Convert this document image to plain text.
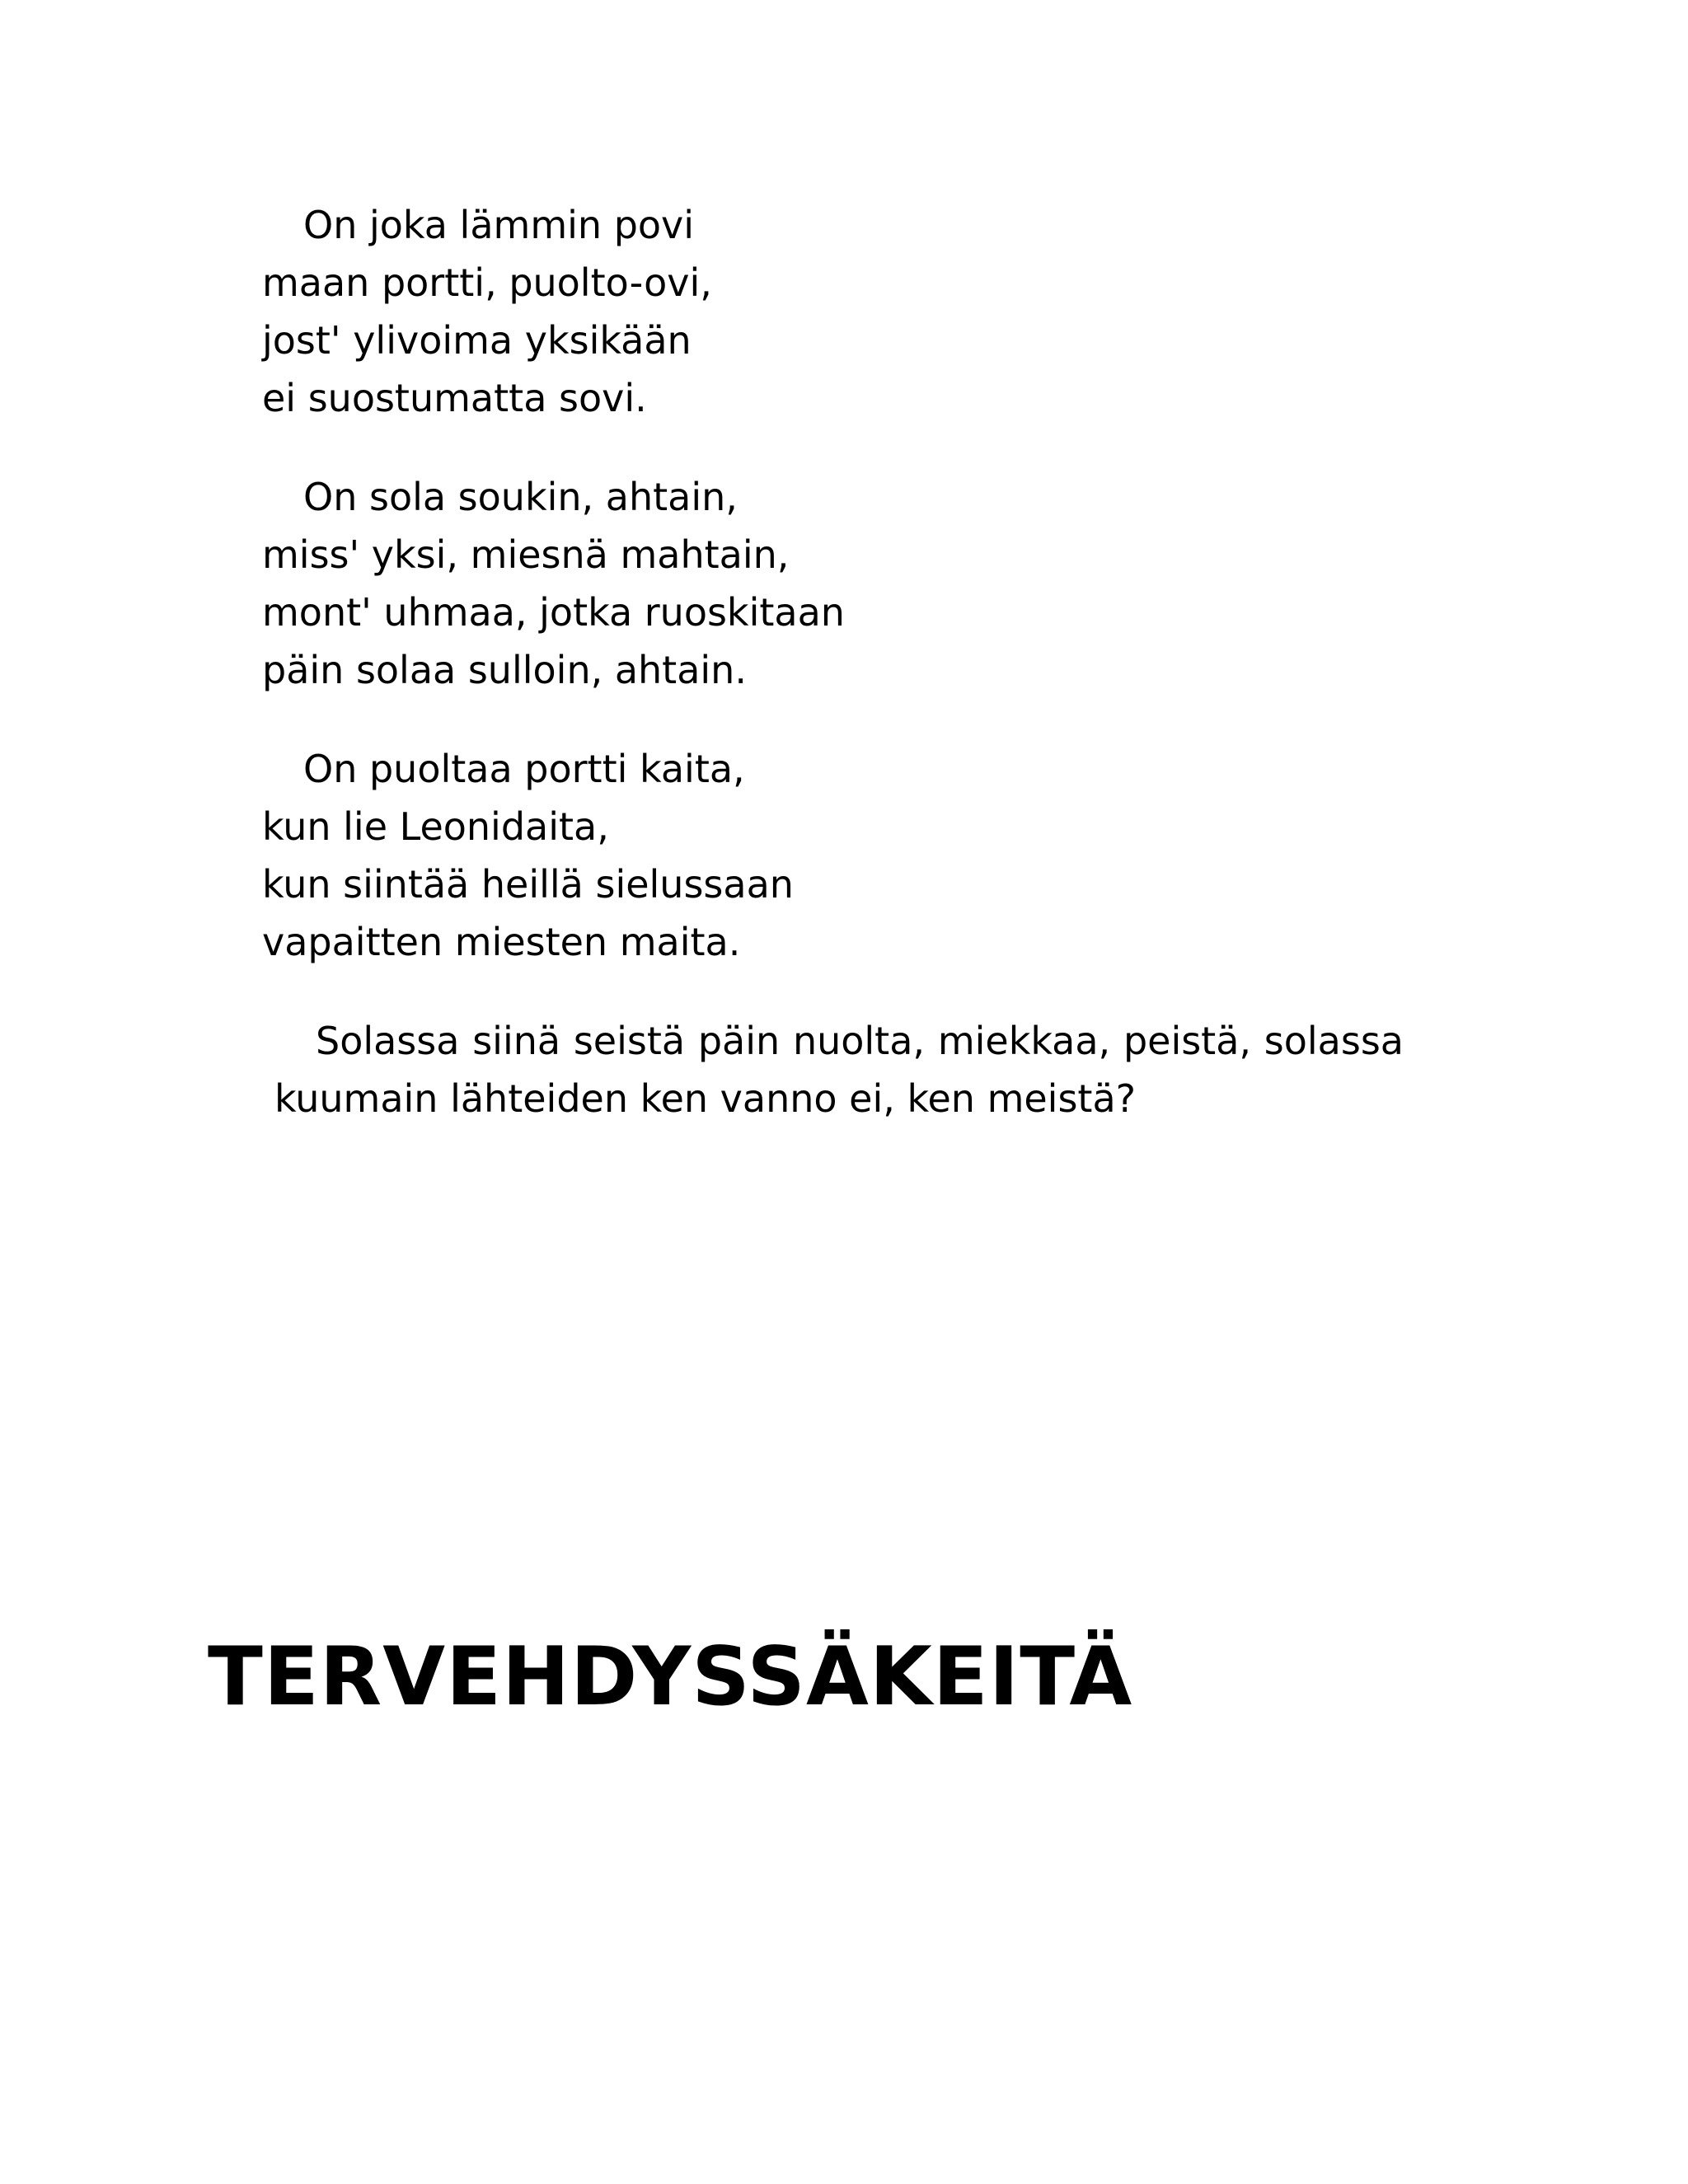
On joka lämmin povi
maan portti, puolto-ovi,
jost' ylivoima yksikään
ei suostumatta sovi.
On sola soukin, ahtain,
miss' yksi, miesnä mahtain,
mont' uhmaa, jotka ruoskitaan
päin solaa sulloin, ahtain.
On puoltaa portti kaita,
kun lie Leonidaita,
kun siintää heillä sielussaan
vapaitten miesten maita.
Solassa siinä seistä päin nuolta, miekkaa, peistä, solassa
kuumain lähteiden ken vanno ei, ken meistä?
TERVEHDYSSÄKEITÄ
